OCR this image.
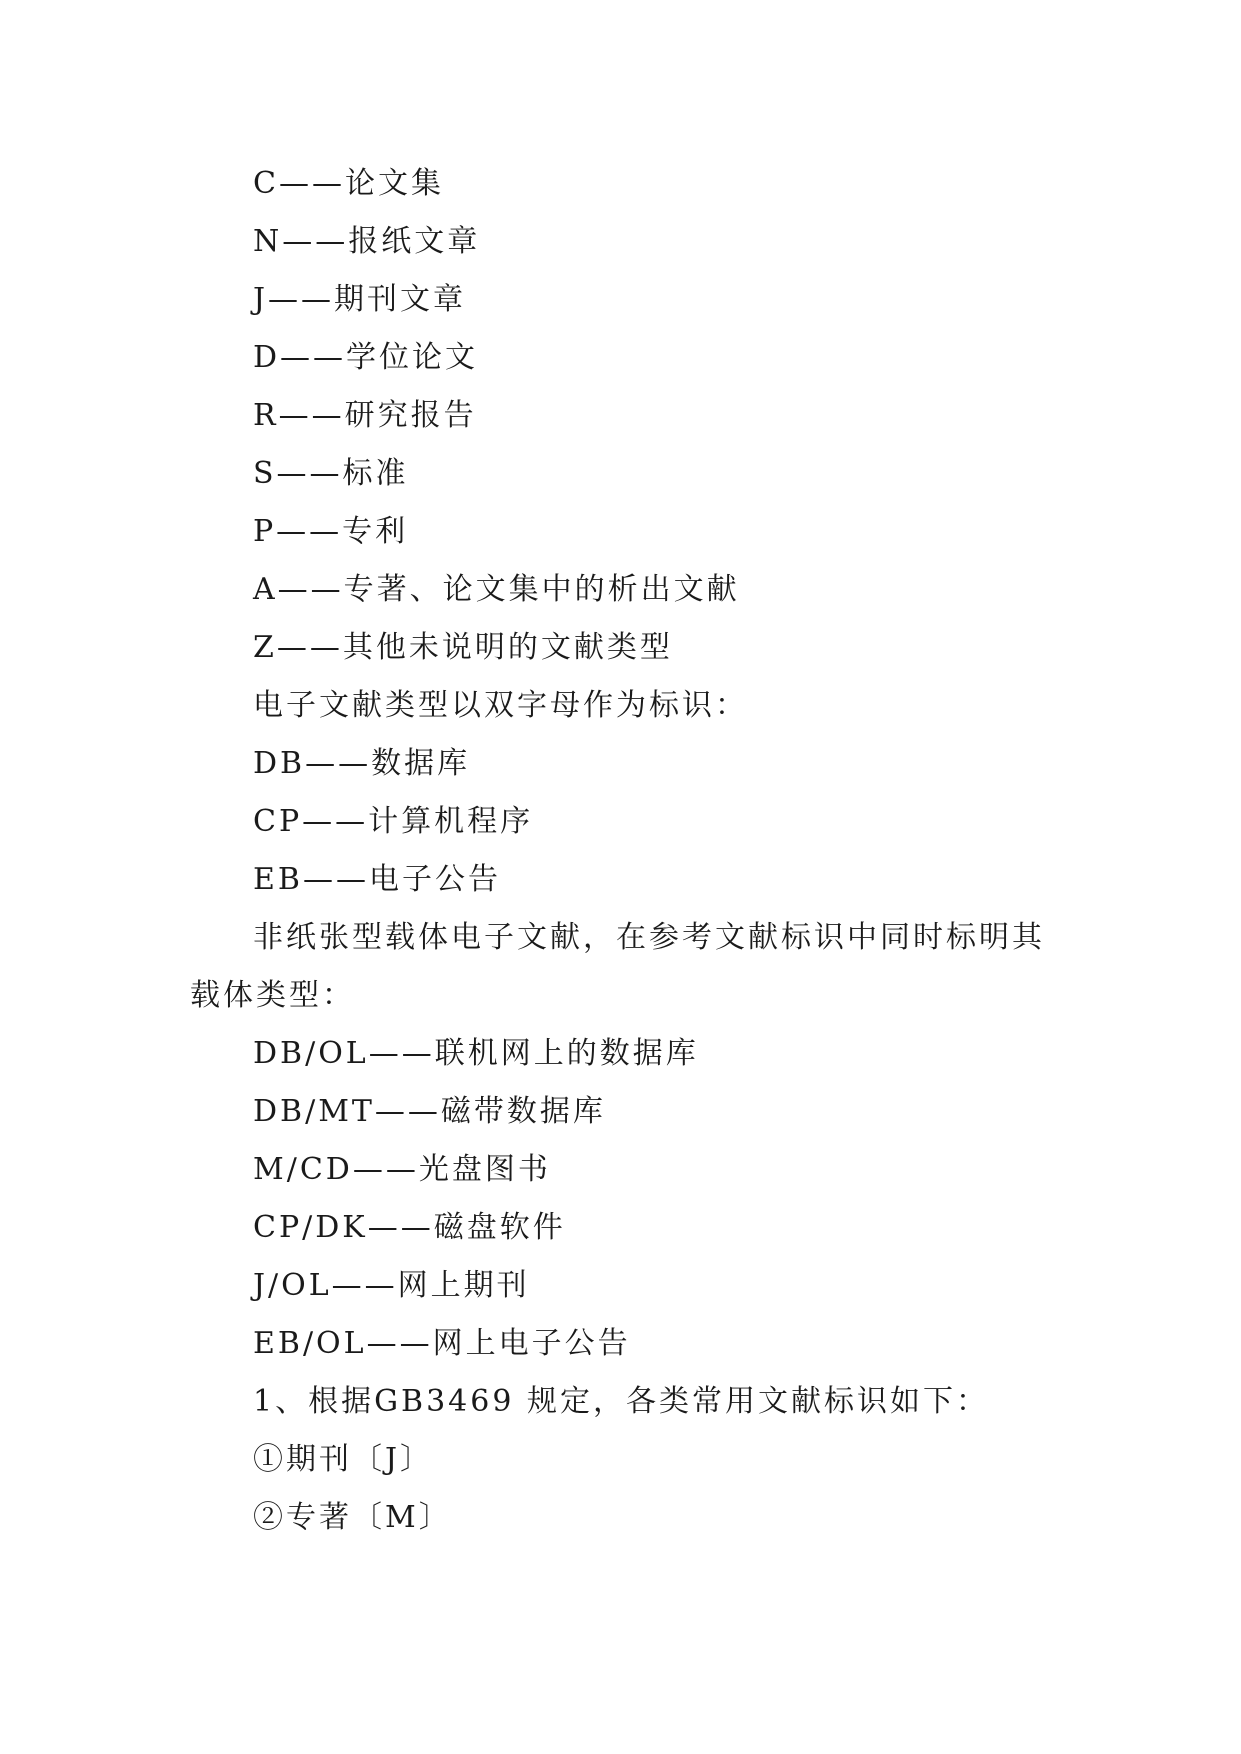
C——论文集
N——报纸文章
J——期刊文章
D——学位论文
R——研究报告
S——标准
P——专利
A——专著、论文集中的析出文献
Z——其他未说明的文献类型
电子文献类型以双字母作为标识：
DB——数据库
CP——计算机程序
EB——电子公告
非纸张型载体电子文献，在参考文献标识中同时标明其
载体类型：
DB/OL——联机网上的数据库
DB/MT——磁带数据库
M/CD——光盘图书
CP/DK——磁盘软件
J/OL——网上期刊
EB/OL——网上电子公告
1、根据GB3469 规定，各类常用文献标识如下：
①期刊〔J〕
②专著〔M〕
